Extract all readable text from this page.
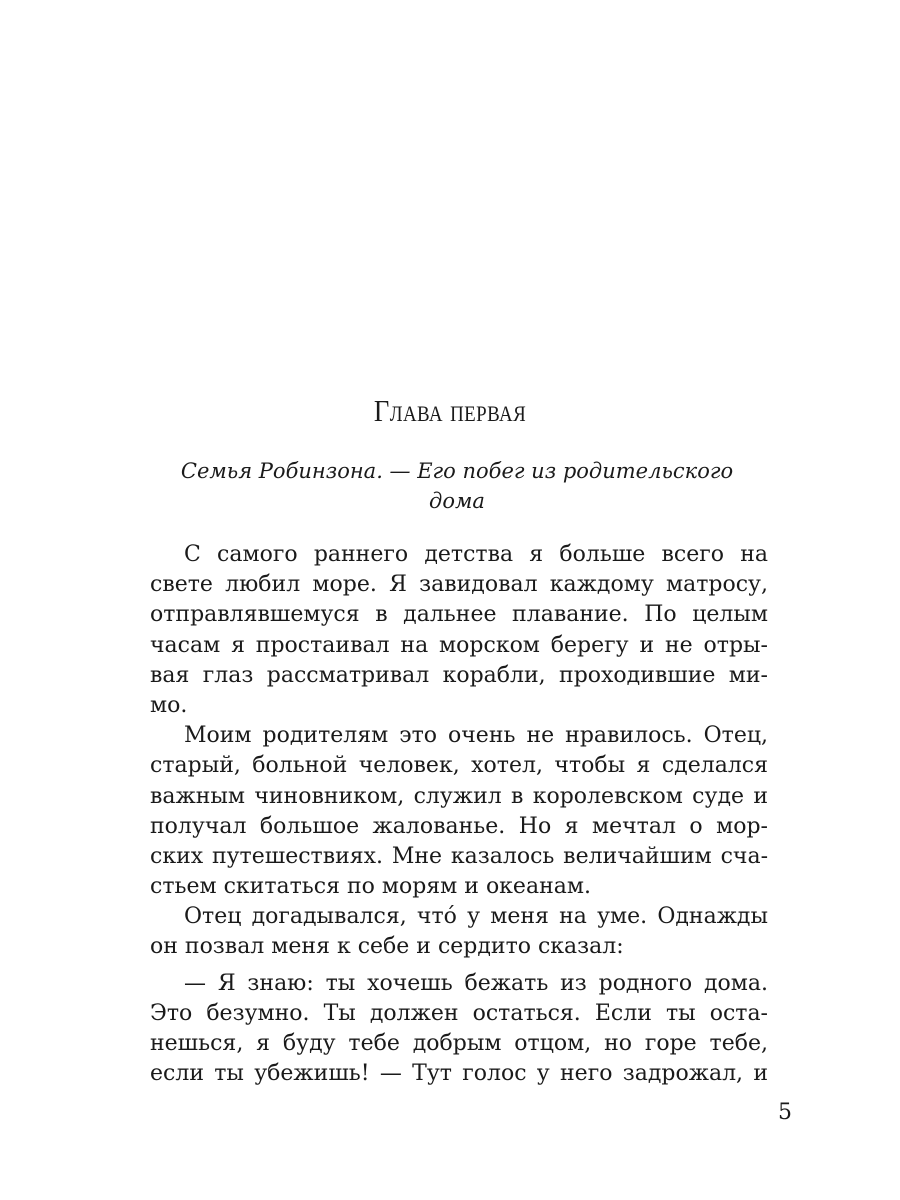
Глава первая
Семья Робинзона. — Его побег из родительского
дома
С самого раннего детства я больше всего на
свете любил море. Я завидовал каждому матросу,
отправлявшемуся в дальнее плавание. По целым
часам я простаивал на морском берегу и не отры-
вая глаз рассматривал корабли, проходившие ми-
мо.
Моим родителям это очень не нравилось. Отец,
старый, больной человек, хотел, чтобы я сделался
важным чиновником, служил в королевском суде и
получал большое жалованье. Но я мечтал о мор-
ских путешествиях. Мне казалось величайшим сча-
стьем скитаться по морям и океанам.
Отец догадывался, чтó у меня на уме. Однажды
он позвал меня к себе и сердито сказал:
— Я знаю: ты хочешь бежать из родного дома.
Это безумно. Ты должен остаться. Если ты оста-
нешься, я буду тебе добрым отцом, но горе тебе,
если ты убежишь! — Тут голос у него задрожал, и
5
